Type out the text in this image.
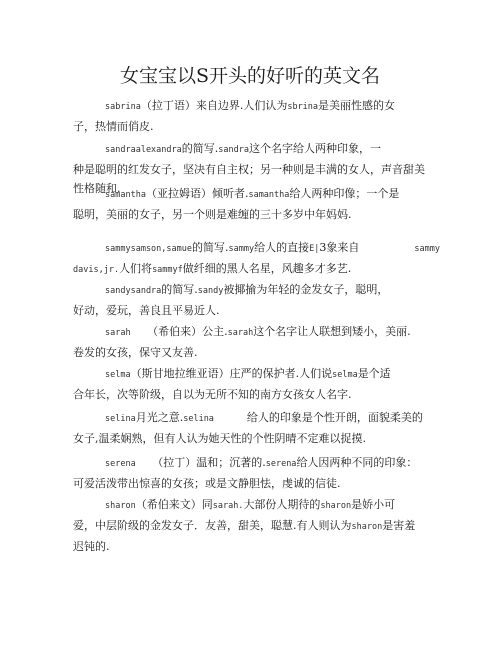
女宝宝以S开头的好听的英文名
sabrina（拉丁语）来自边界.人们认为sbrina是美丽性感的女
子，热情而俏皮.
sandraalexandra的简写.sandra这个名字给人两种印象，一
种是聪明的红发女子，坚决有自主权；另一种则是丰满的女人，声音甜美
性格随和.
samantha（亚拉姆语）倾听者.samantha给人两种印像；一个是
聪明，美丽的女子，另一个则是难缠的三十多岁中年妈妈.
sammysamson,samue的简写.sammy给人的直接E|3象来自　　　　　sammy
davis,jr.人们将sammyf做纤细的黑人名星，风趣多才多艺.
sandysandra的简写.sandy被揶揄为年轻的金发女子，聪明，
好动，爱玩，善良且平易近人.
sarah　　（希伯来）公主.sarah这个名字让人联想到矮小，美丽.
卷发的女孩，保守又友善.
selma（斯甘地拉维亚语）庄严的保护者.人们说selma是个适
合年长，次等阶级，自以为无所不知的南方女孩女人名字.
selina月光之意.selina　　　给人的印象是个性开朗，面貌柔美的
女子,温柔娴熟，但有人认为她天性的个性阴晴不定难以捉摸.
serena　　（拉丁）温和；沉著的.serena给人因两种不同的印象：
可爱活泼带出惊喜的女孩；或是文静胆怯，虔诚的信徒.
sharon（希伯来文）同sarah.大部份人期待的sharon是娇小可
爱，中层阶级的金发女子．友善，甜美，聪慧.有人则认为sharon是害羞
迟钝的.
